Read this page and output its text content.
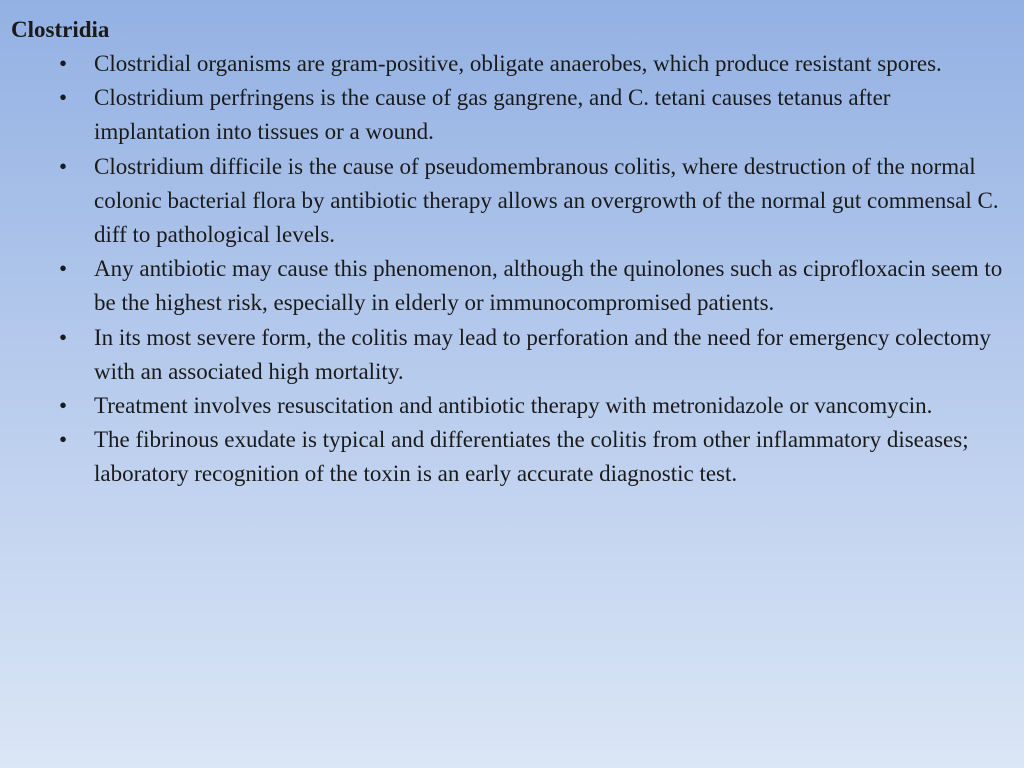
Clostridia
• Clostridial organisms are gram-positive, obligate anaerobes, which produce resistant spores.
• Clostridium perfringens is the cause of gas gangrene, and C. tetani causes tetanus after implantation into tissues or a wound.
• Clostridium difficile is the cause of pseudomembranous colitis, where destruction of the normal colonic bacterial flora by antibiotic therapy allows an overgrowth of the normal gut commensal C. diff to pathological levels.
• Any antibiotic may cause this phenomenon, although the quinolones such as ciprofloxacin seem to be the highest risk, especially in elderly or immunocompromised patients.
• In its most severe form, the colitis may lead to perforation and the need for emergency colectomy with an associated high mortality.
• Treatment involves resuscitation and antibiotic therapy with metronidazole or vancomycin.
• The fibrinous exudate is typical and differentiates the colitis from other inflammatory diseases; laboratory recognition of the toxin is an early accurate diagnostic test.
